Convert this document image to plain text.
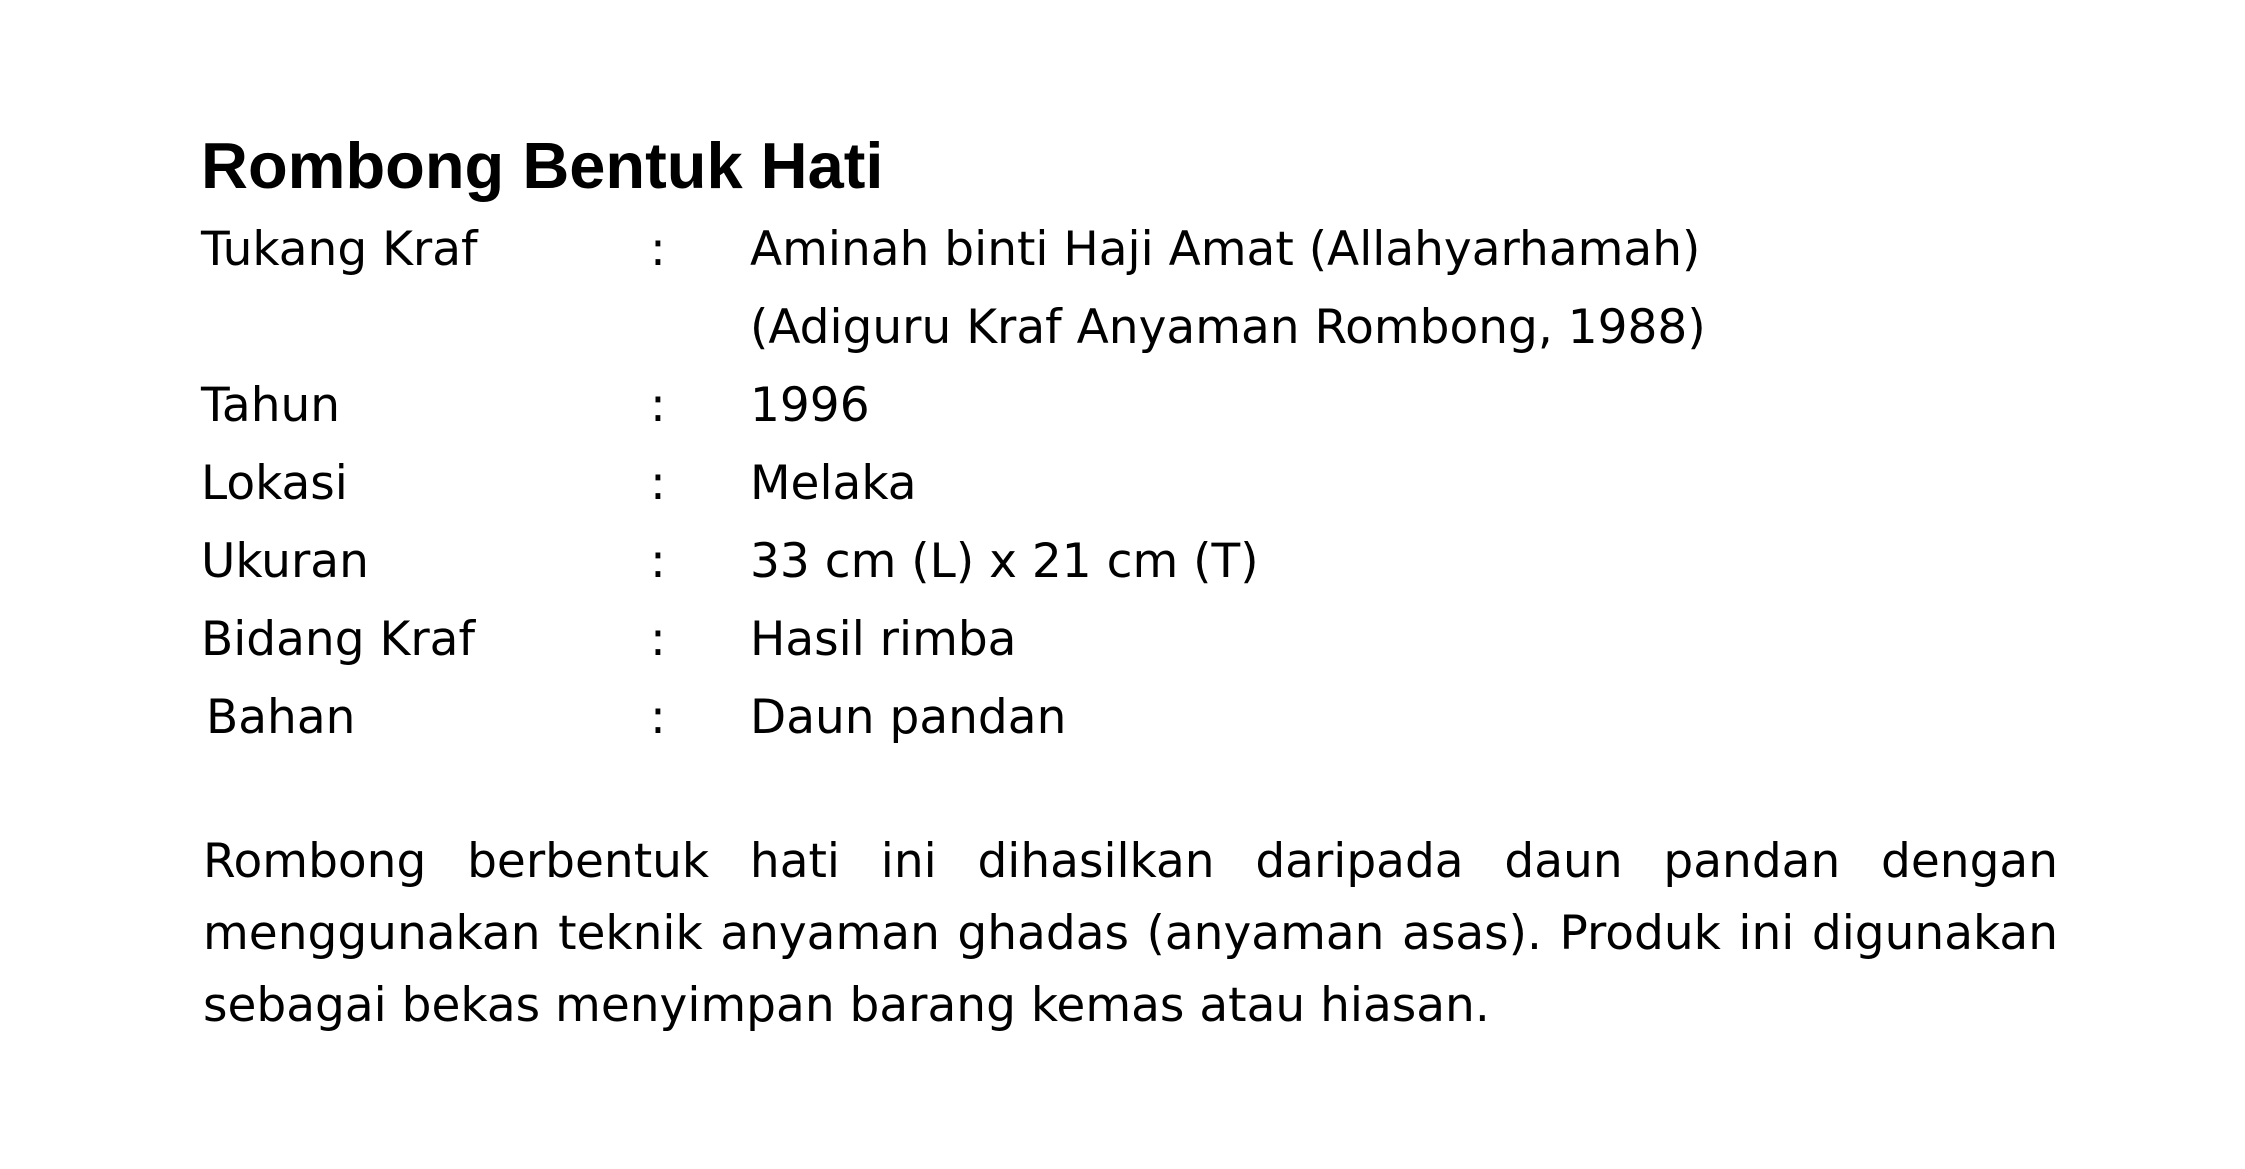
Rombong Bentuk Hati
Tukang Kraf	:	Aminah binti Haji Amat (Allahyarhamah)
(Adiguru Kraf Anyaman Rombong, 1988)
Tahun	:	1996
Lokasi	:	Melaka
Ukuran	:	33 cm (L) x 21 cm (T)
Bidang Kraf	:	Hasil rimba
Bahan	:	Daun pandan

Rombong berbentuk hati ini dihasilkan daripada daun pandan dengan menggunakan teknik anyaman ghadas (anyaman asas). Produk ini digunakan sebagai bekas menyimpan barang kemas atau hiasan.
